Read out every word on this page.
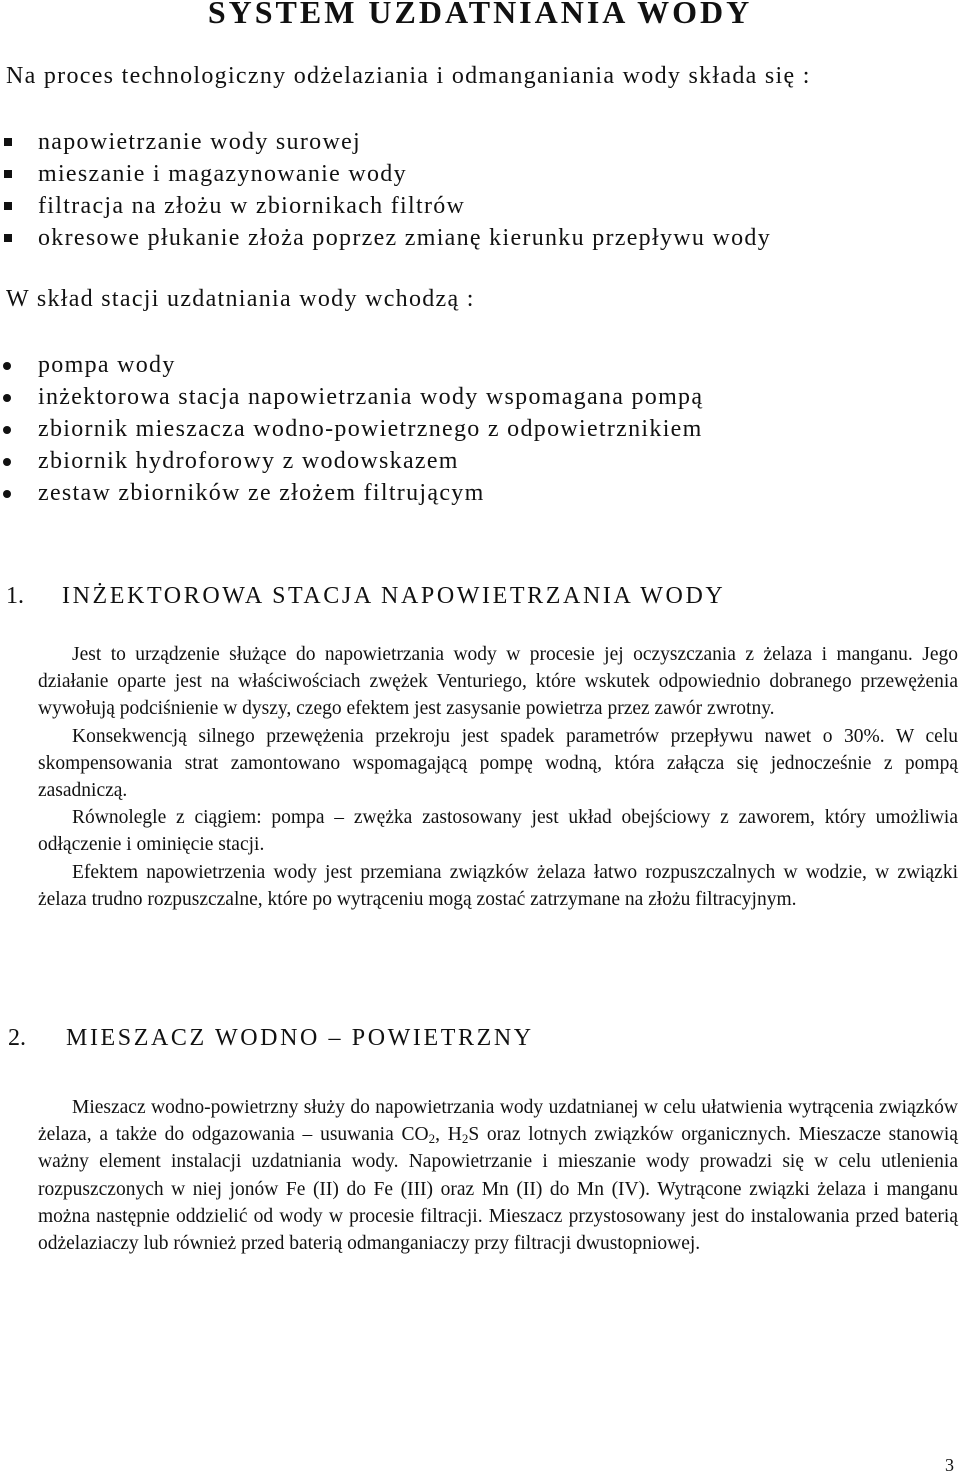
SYSTEM UZDATNIANIA WODY
Na proces technologiczny odżelaziania i odmanganiania wody składa się :
napowietrzanie wody surowej
mieszanie i magazynowanie wody
filtracja na złożu w zbiornikach filtrów
okresowe płukanie złoża poprzez zmianę kierunku przepływu wody
W skład stacji uzdatniania wody wchodzą :
pompa wody
inżektorowa stacja napowietrzania wody wspomagana pompą
zbiornik mieszacza wodno-powietrznego z odpowietrznikiem
zbiornik hydroforowy z wodowskazem
zestaw zbiorników ze złożem filtrującym
1. INŻEKTOROWA STACJA NAPOWIETRZANIA WODY

Jest to urządzenie służące do napowietrzania wody w procesie jej oczyszczania z żelaza i manganu. Jego działanie oparte jest na właściwościach zwężek Venturiego, które wskutek odpowiednio dobranego przewężenia wywołują podciśnienie w dyszy, czego efektem jest zasysanie powietrza przez zawór zwrotny.

Konsekwencją silnego przewężenia przekroju jest spadek parametrów przepływu nawet o 30%. W celu skompensowania strat zamontowano wspomagającą pompę wodną, która załącza się jednocześnie z pompą zasadniczą.

Równolegle z ciągiem: pompa – zwężka zastosowany jest układ obejściowy z zaworem, który umożliwia odłączenie i ominięcie stacji.

Efektem napowietrzenia wody jest przemiana związków żelaza łatwo rozpuszczalnych w wodzie, w związki żelaza trudno rozpuszczalne, które po wytrąceniu mogą zostać zatrzymane na złożu filtracyjnym.

2. MIESZACZ WODNO – POWIETRZNY

Mieszacz wodno-powietrzny służy do napowietrzania wody uzdatnianej w celu ułatwienia wytrącenia związków żelaza, a także do odgazowania – usuwania $CO_2$, $H_2S$ oraz lotnych związków organicznych. Mieszacze stanowią ważny element instalacji uzdatniania wody. Napowietrzanie i mieszanie wody prowadzi się w celu utlenienia rozpuszczonych w niej jonów Fe (II) do Fe (III) oraz Mn (II) do Mn (IV). Wytrącone związki żelaza i manganu można następnie oddzielić od wody w procesie filtracji. Mieszacz przystosowany jest do instalowania przed baterią odżelaziaczy lub również przed baterią odmanganiaczy przy filtracji dwustopniowej.

3
